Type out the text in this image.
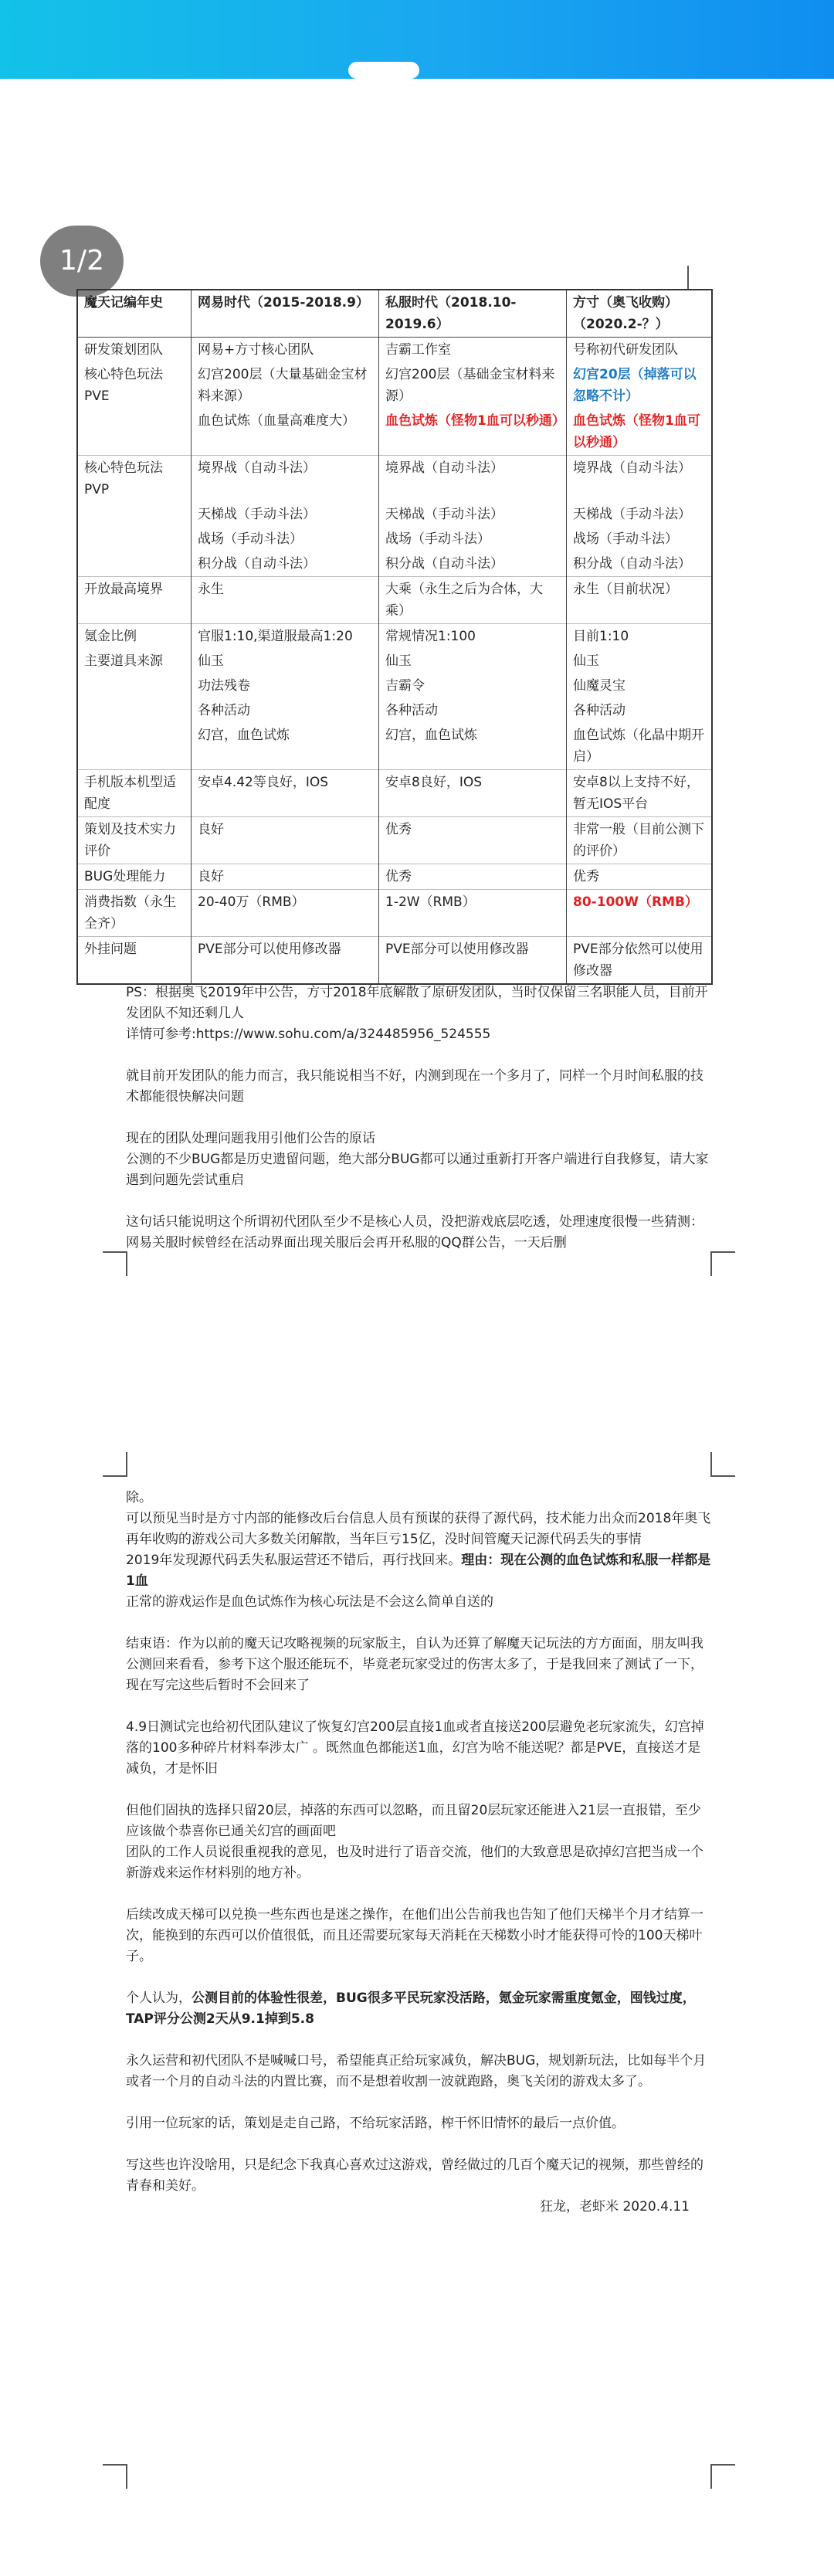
1/2
魔天记编年史	网易时代（2015-2018.9）	私服时代（2018.10-2019.6）	方寸（奥飞收购）（2020.2-？）
研发策划团队	网易+方寸核心团队	吉霸工作室	号称初代研发团队
核心特色玩法PVE	幻宫200层（大量基础金宝材料来源）	幻宫200层（基础金宝材料来源）	幻宫20层（掉落可以忽略不计）
	血色试炼（血量高难度大）	血色试炼（怪物1血可以秒通）	血色试炼（怪物1血可以秒通）
核心特色玩法PVP	境界战（自动斗法）	境界战（自动斗法）	境界战（自动斗法）
	天梯战（手动斗法）	天梯战（手动斗法）	天梯战（手动斗法）
	战场（手动斗法）	战场（手动斗法）	战场（手动斗法）
	积分战（自动斗法）	积分战（自动斗法）	积分战（自动斗法）
开放最高境界	永生	大乘（永生之后为合体，大乘）	永生（目前状况）
氪金比例	官服1:10,渠道服最高1:20	常规情况1:100	目前1:10
主要道具来源	仙玉	仙玉	仙玉
	功法残卷	吉霸令	仙魔灵宝
	各种活动	各种活动	各种活动
	幻宫，血色试炼	幻宫，血色试炼	血色试炼（化晶中期开启）
手机版本机型适配度	安卓4.42等良好，IOS	安卓8良好，IOS	安卓8以上支持不好，暂无IOS平台
策划及技术实力评价	良好	优秀	非常一般（目前公测下的评价）
BUG处理能力	良好	优秀	优秀
消费指数（永生全齐）	20-40万（RMB）	1-2W（RMB）	80-100W（RMB）
外挂问题	PVE部分可以使用修改器	PVE部分可以使用修改器	PVE部分依然可以使用修改器

PS：根据奥飞2019年中公告，方寸2018年底解散了原研发团队，当时仅保留三名职能人员，目前开发团队不知还剩几人

详情可参考:https://www.sohu.com/a/324485956_524555

就目前开发团队的能力而言，我只能说相当不好，内测到现在一个多月了，同样一个月时间私服的技术都能很快解决问题

现在的团队处理问题我用引他们公告的原话

公测的不少BUG都是历史遗留问题，绝大部分BUG都可以通过重新打开客户端进行自我修复，请大家遇到问题先尝试重启

这句话只能说明这个所谓初代团队至少不是核心人员，没把游戏底层吃透，处理速度很慢一些猜测：网易关服时候曾经在活动界面出现关服后会再开私服的QQ群公告，一天后删

除。

可以预见当时是方寸内部的能修改后台信息人员有预谋的获得了源代码，技术能力出众而2018年奥飞再年收购的游戏公司大多数关闭解散，当年巨亏15亿，没时间管魔天记源代码丢失的事情

2019年发现源代码丢失私服运营还不错后，再行找回来。理由：现在公测的血色试炼和私服一样都是1血

正常的游戏运作是血色试炼作为核心玩法是不会这么简单自送的

结束语：作为以前的魔天记攻略视频的玩家版主，自认为还算了解魔天记玩法的方方面面，朋友叫我公测回来看看，参考下这个服还能玩不，毕竟老玩家受过的伤害太多了，于是我回来了测试了一下，现在写完这些后暂时不会回来了

4.9日测试完也给初代团队建议了恢复幻宫200层直接1血或者直接送200层避免老玩家流失，幻宫掉落的100多种碎片材料奉涉太广 。既然血色都能送1血，幻宫为啥不能送呢？都是PVE，直接送才是减负，才是怀旧

但他们固执的选择只留20层，掉落的东西可以忽略，而且留20层玩家还能进入21层一直报错，至少应该做个恭喜你已通关幻宫的画面吧

团队的工作人员说很重视我的意见，也及时进行了语音交流，他们的大致意思是砍掉幻宫把当成一个新游戏来运作材料别的地方补。

后续改成天梯可以兑换一些东西也是迷之操作，在他们出公告前我也告知了他们天梯半个月才结算一次，能换到的东西可以价值很低，而且还需要玩家每天消耗在天梯数小时才能获得可怜的100天梯叶子。

个人认为，公测目前的体验性很差，BUG很多平民玩家没活路，氪金玩家需重度氪金，囤钱过度，TAP评分公测2天从9.1掉到5.8

永久运营和初代团队不是喊喊口号，希望能真正给玩家减负，解决BUG，规划新玩法，比如每半个月或者一个月的自动斗法的内置比赛，而不是想着收割一波就跑路，奥飞关闭的游戏太多了。

引用一位玩家的话，策划是走自己路，不给玩家活路，榨干怀旧情怀的最后一点价值。

写这些也许没啥用，只是纪念下我真心喜欢过这游戏，曾经做过的几百个魔天记的视频，那些曾经的青春和美好。

狂龙，老虾米 2020.4.11
